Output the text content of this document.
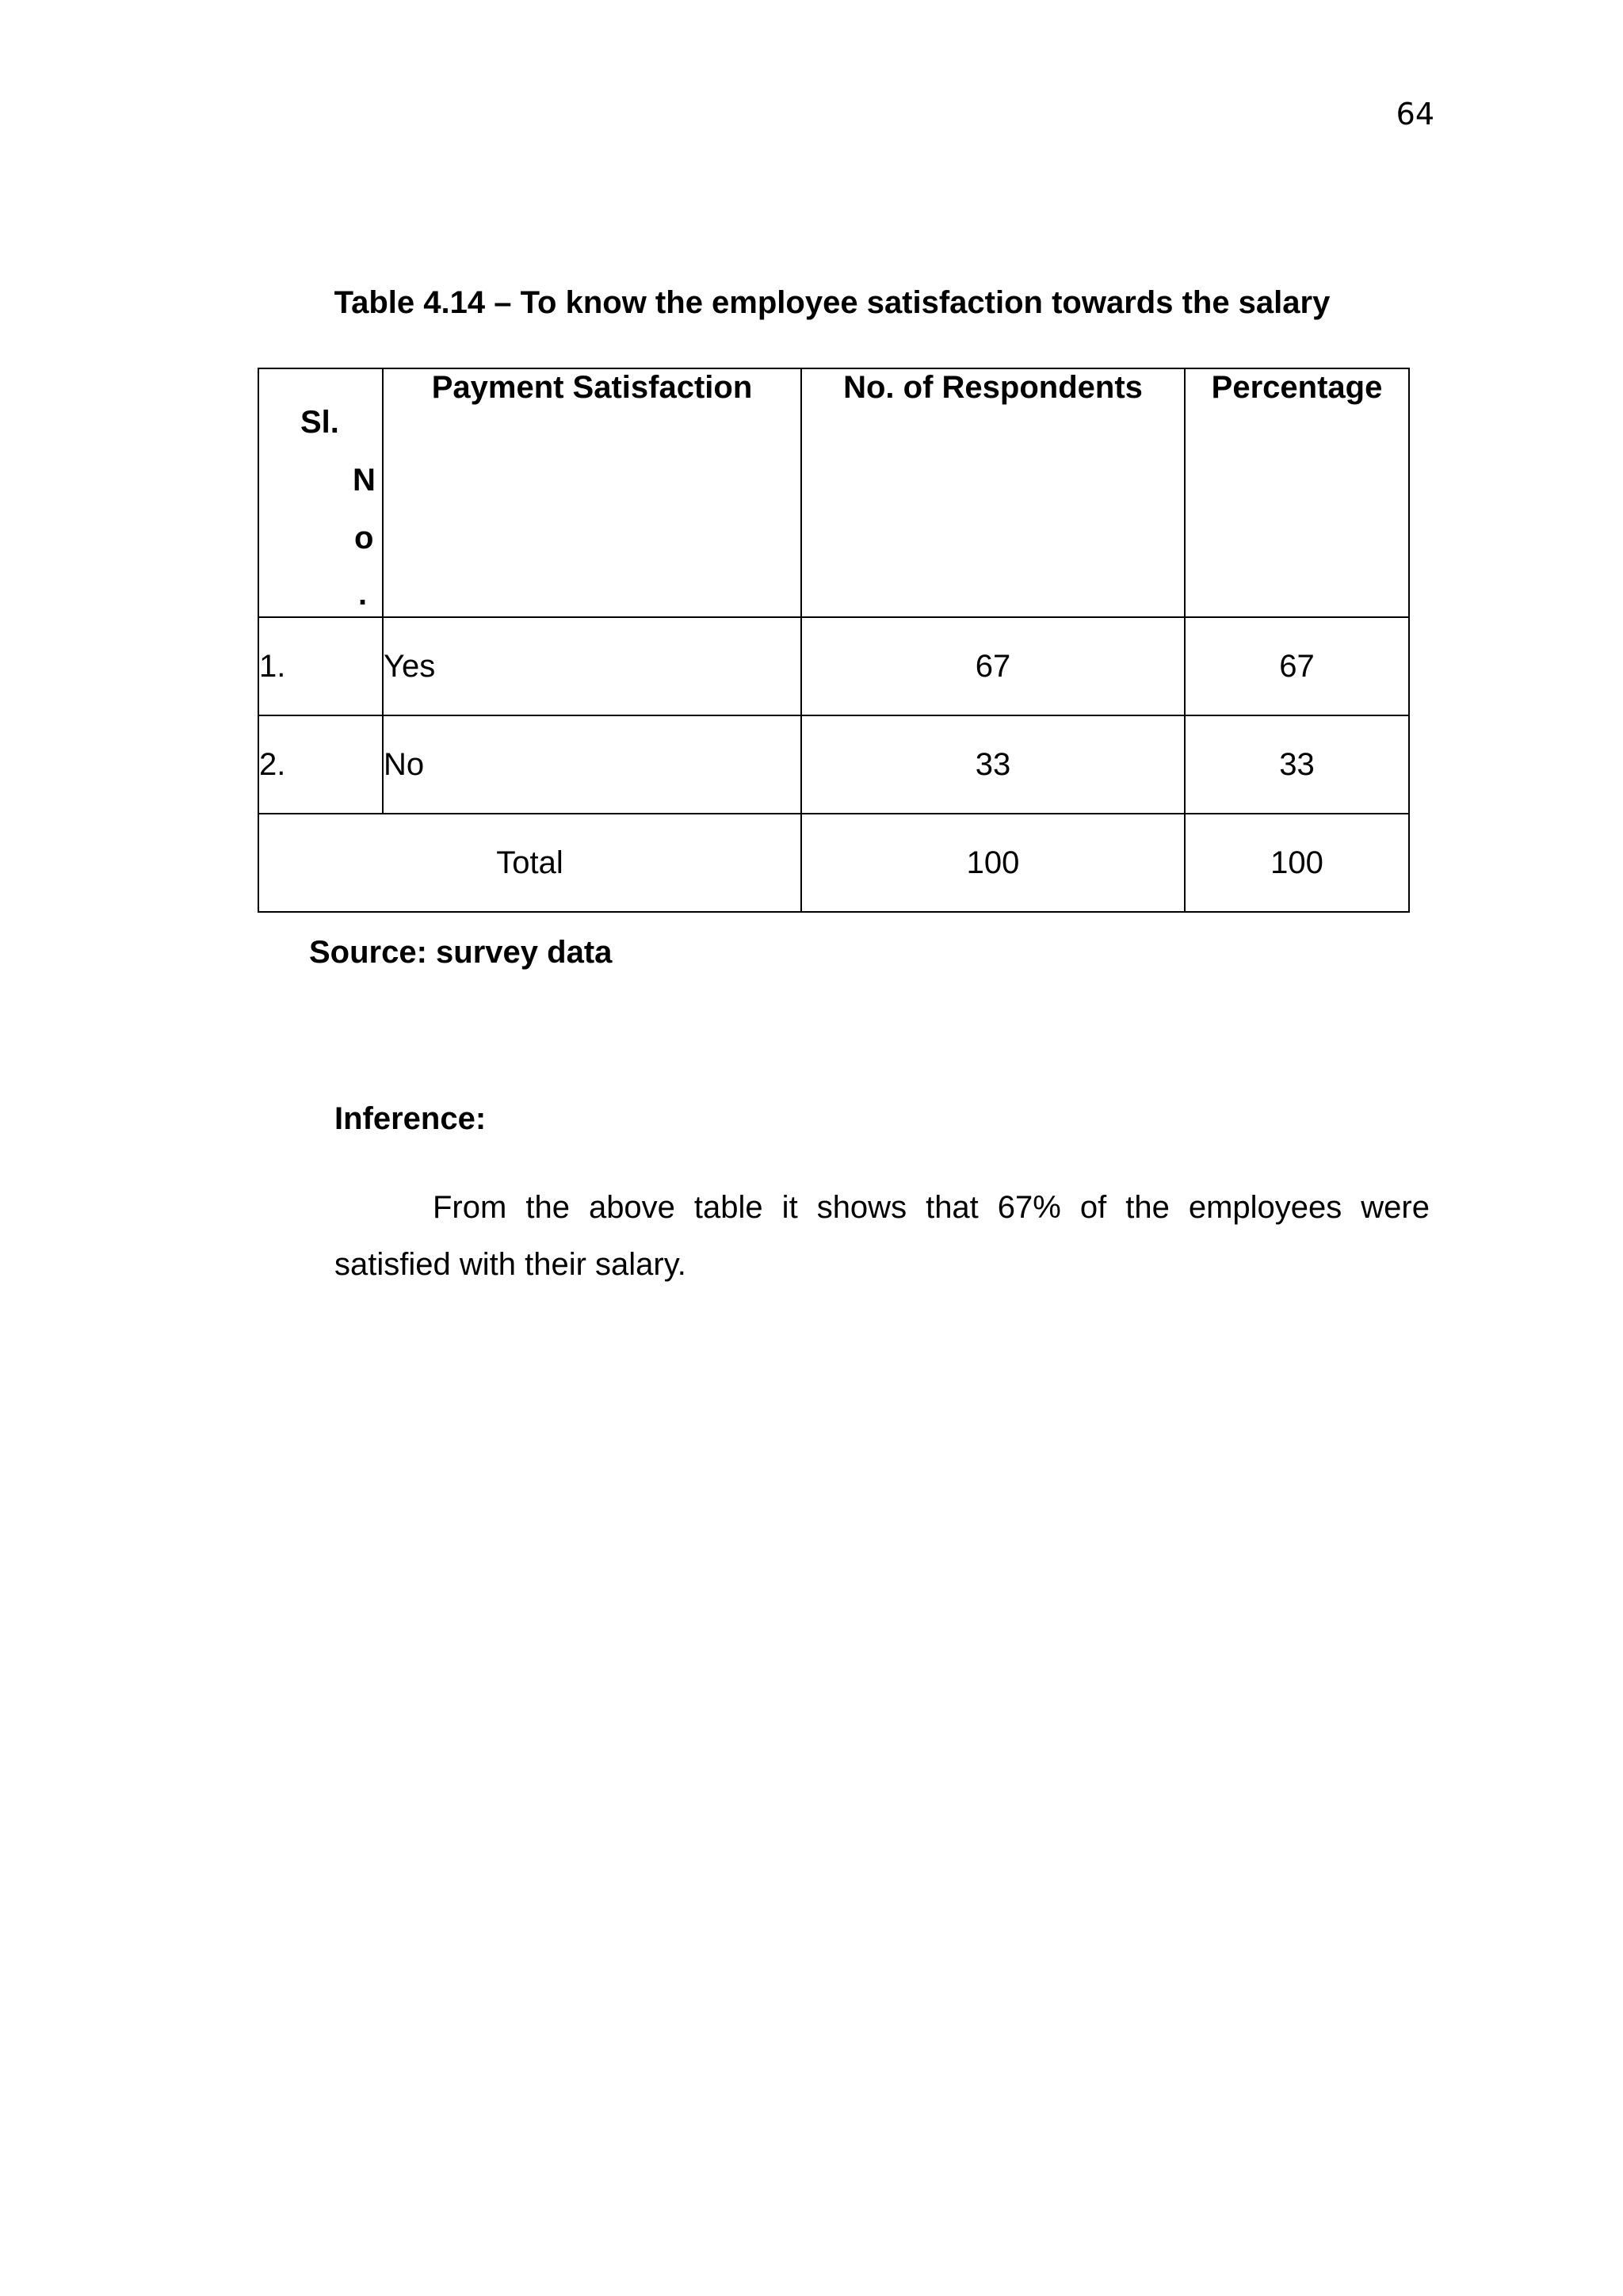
64
Table 4.14 – To know the employee satisfaction towards the salary
Sl.
N
o
.	Payment Satisfaction	No. of Respondents	Percentage
1.	Yes	67	67
2.	No	33	33
Total		100	100
Source: survey data
Inference:

From the above table it shows that 67% of the employees were satisfied with their salary.
